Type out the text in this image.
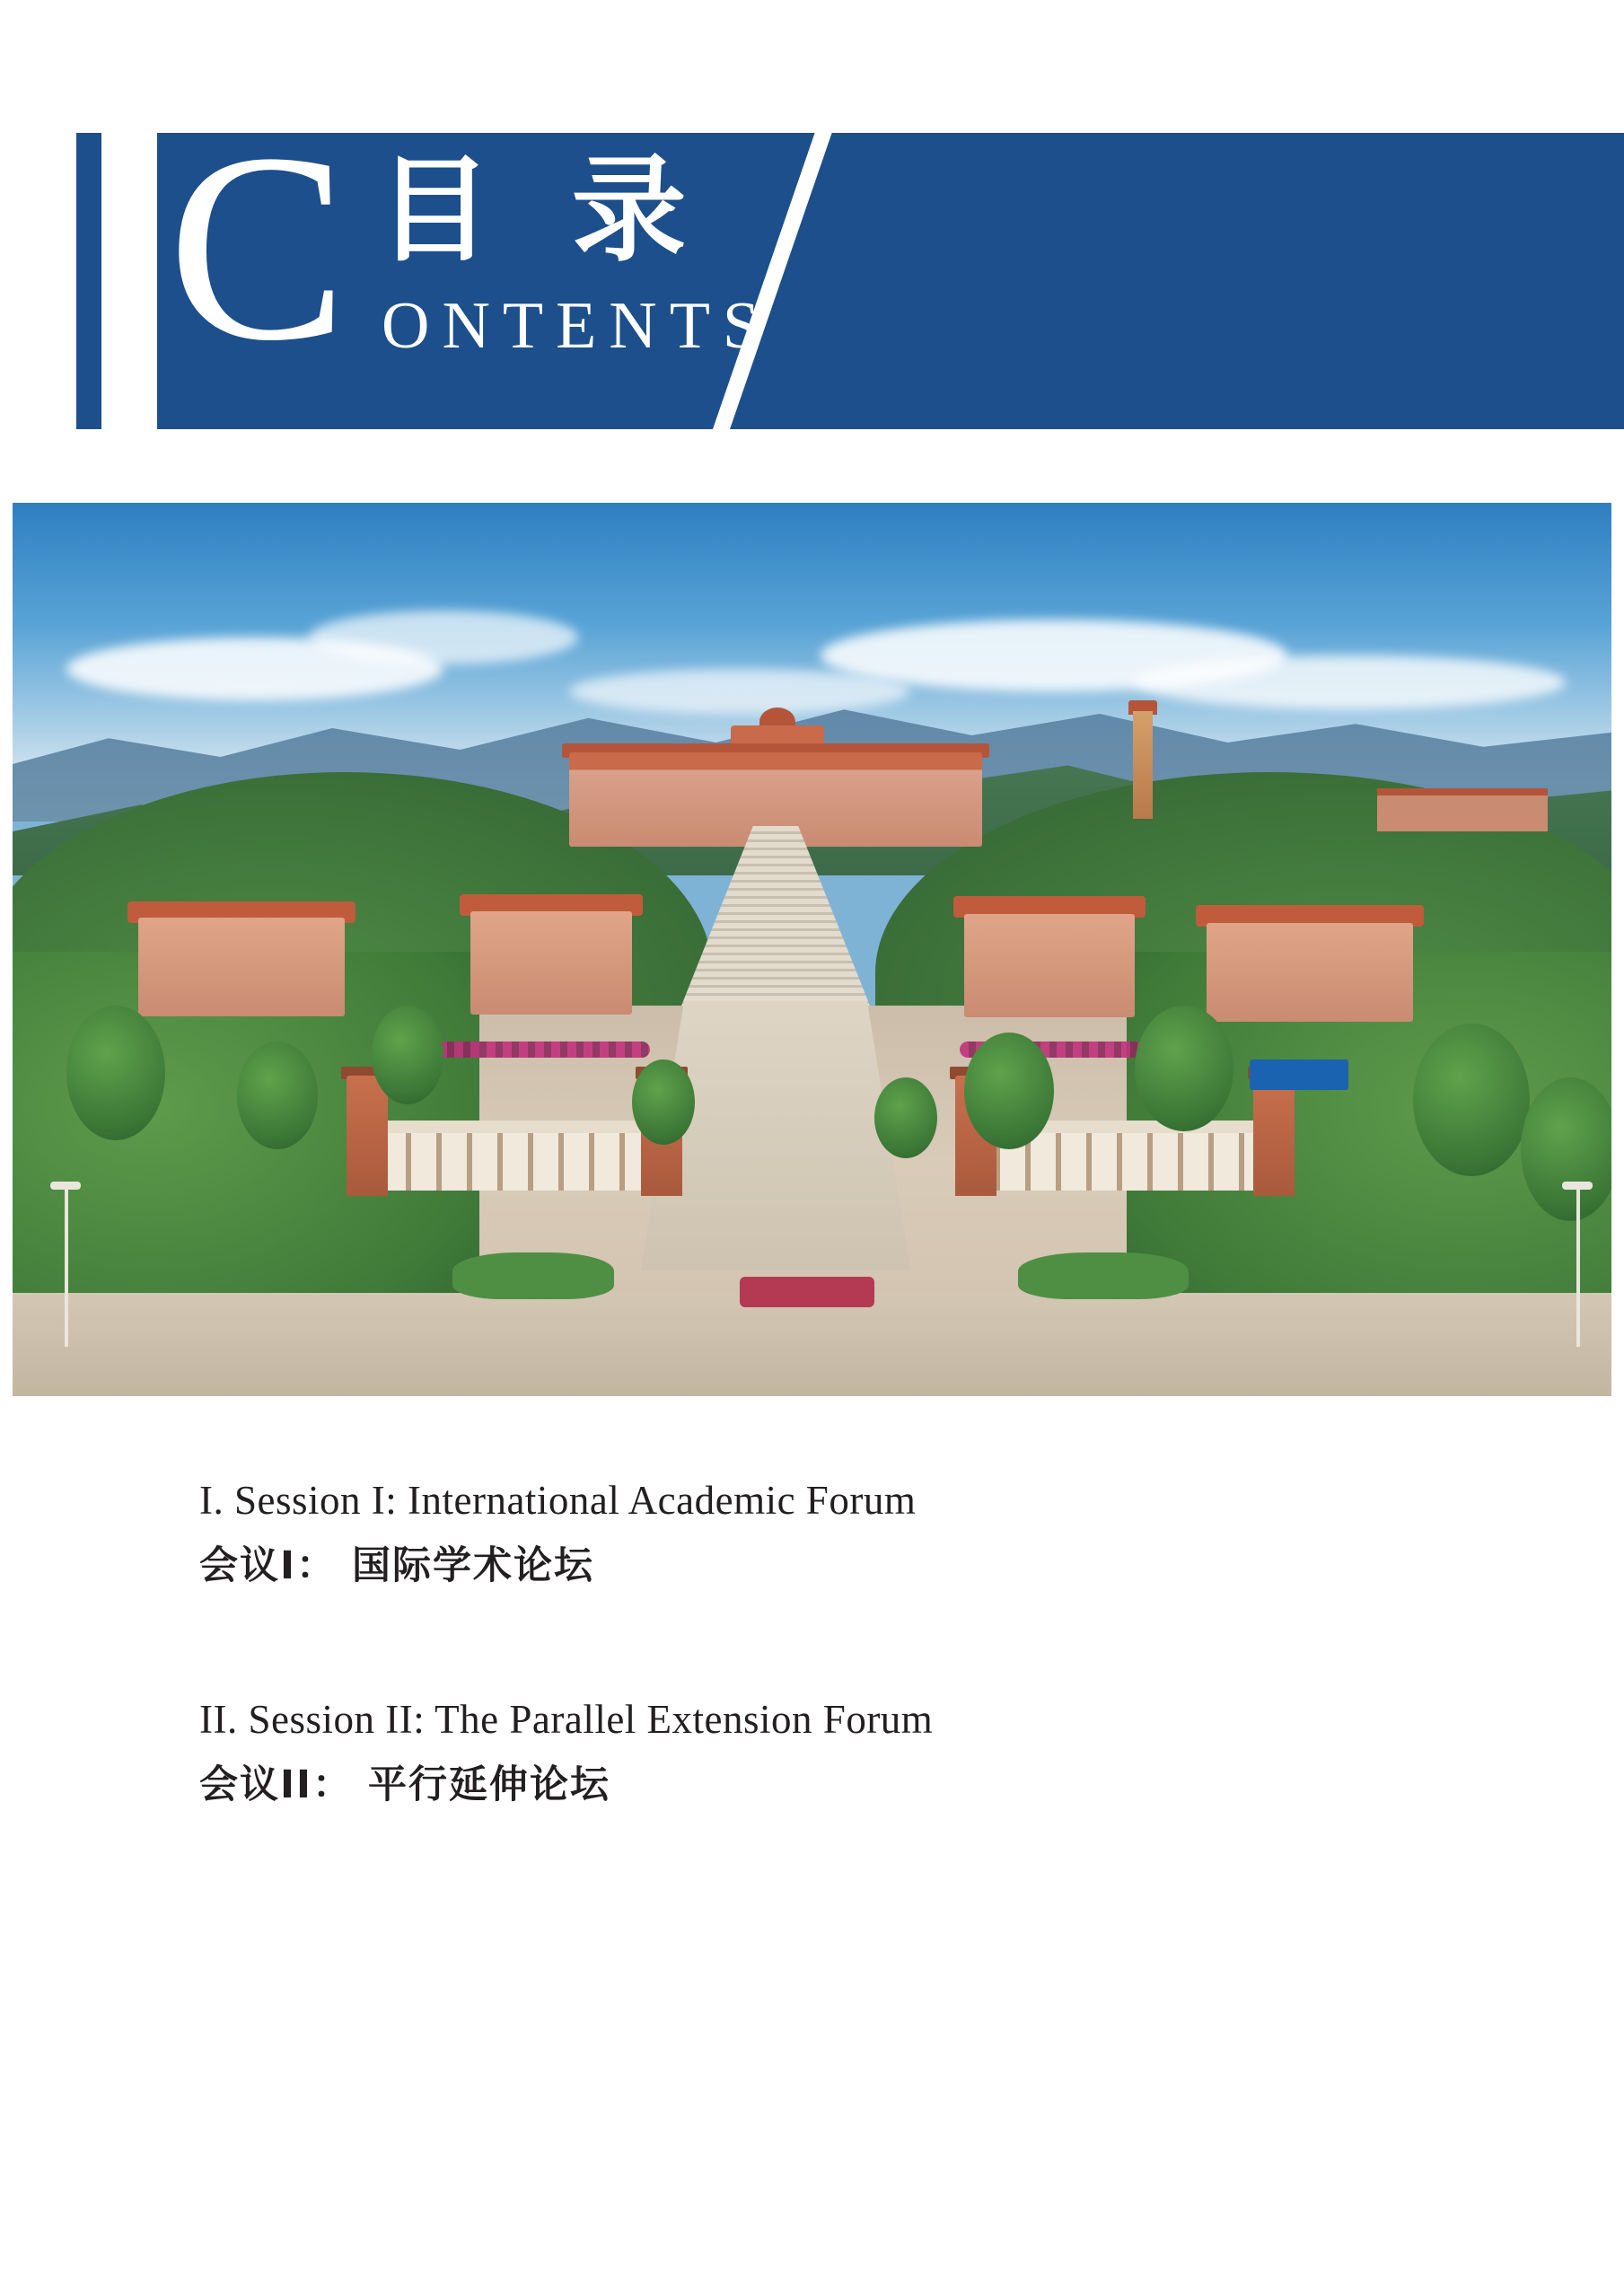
C 目 录
ONTENTS
I. Session I: International Academic Forum
会议I： 国际学术论坛
II. Session II: The Parallel Extension Forum
会议II： 平行延伸论坛
